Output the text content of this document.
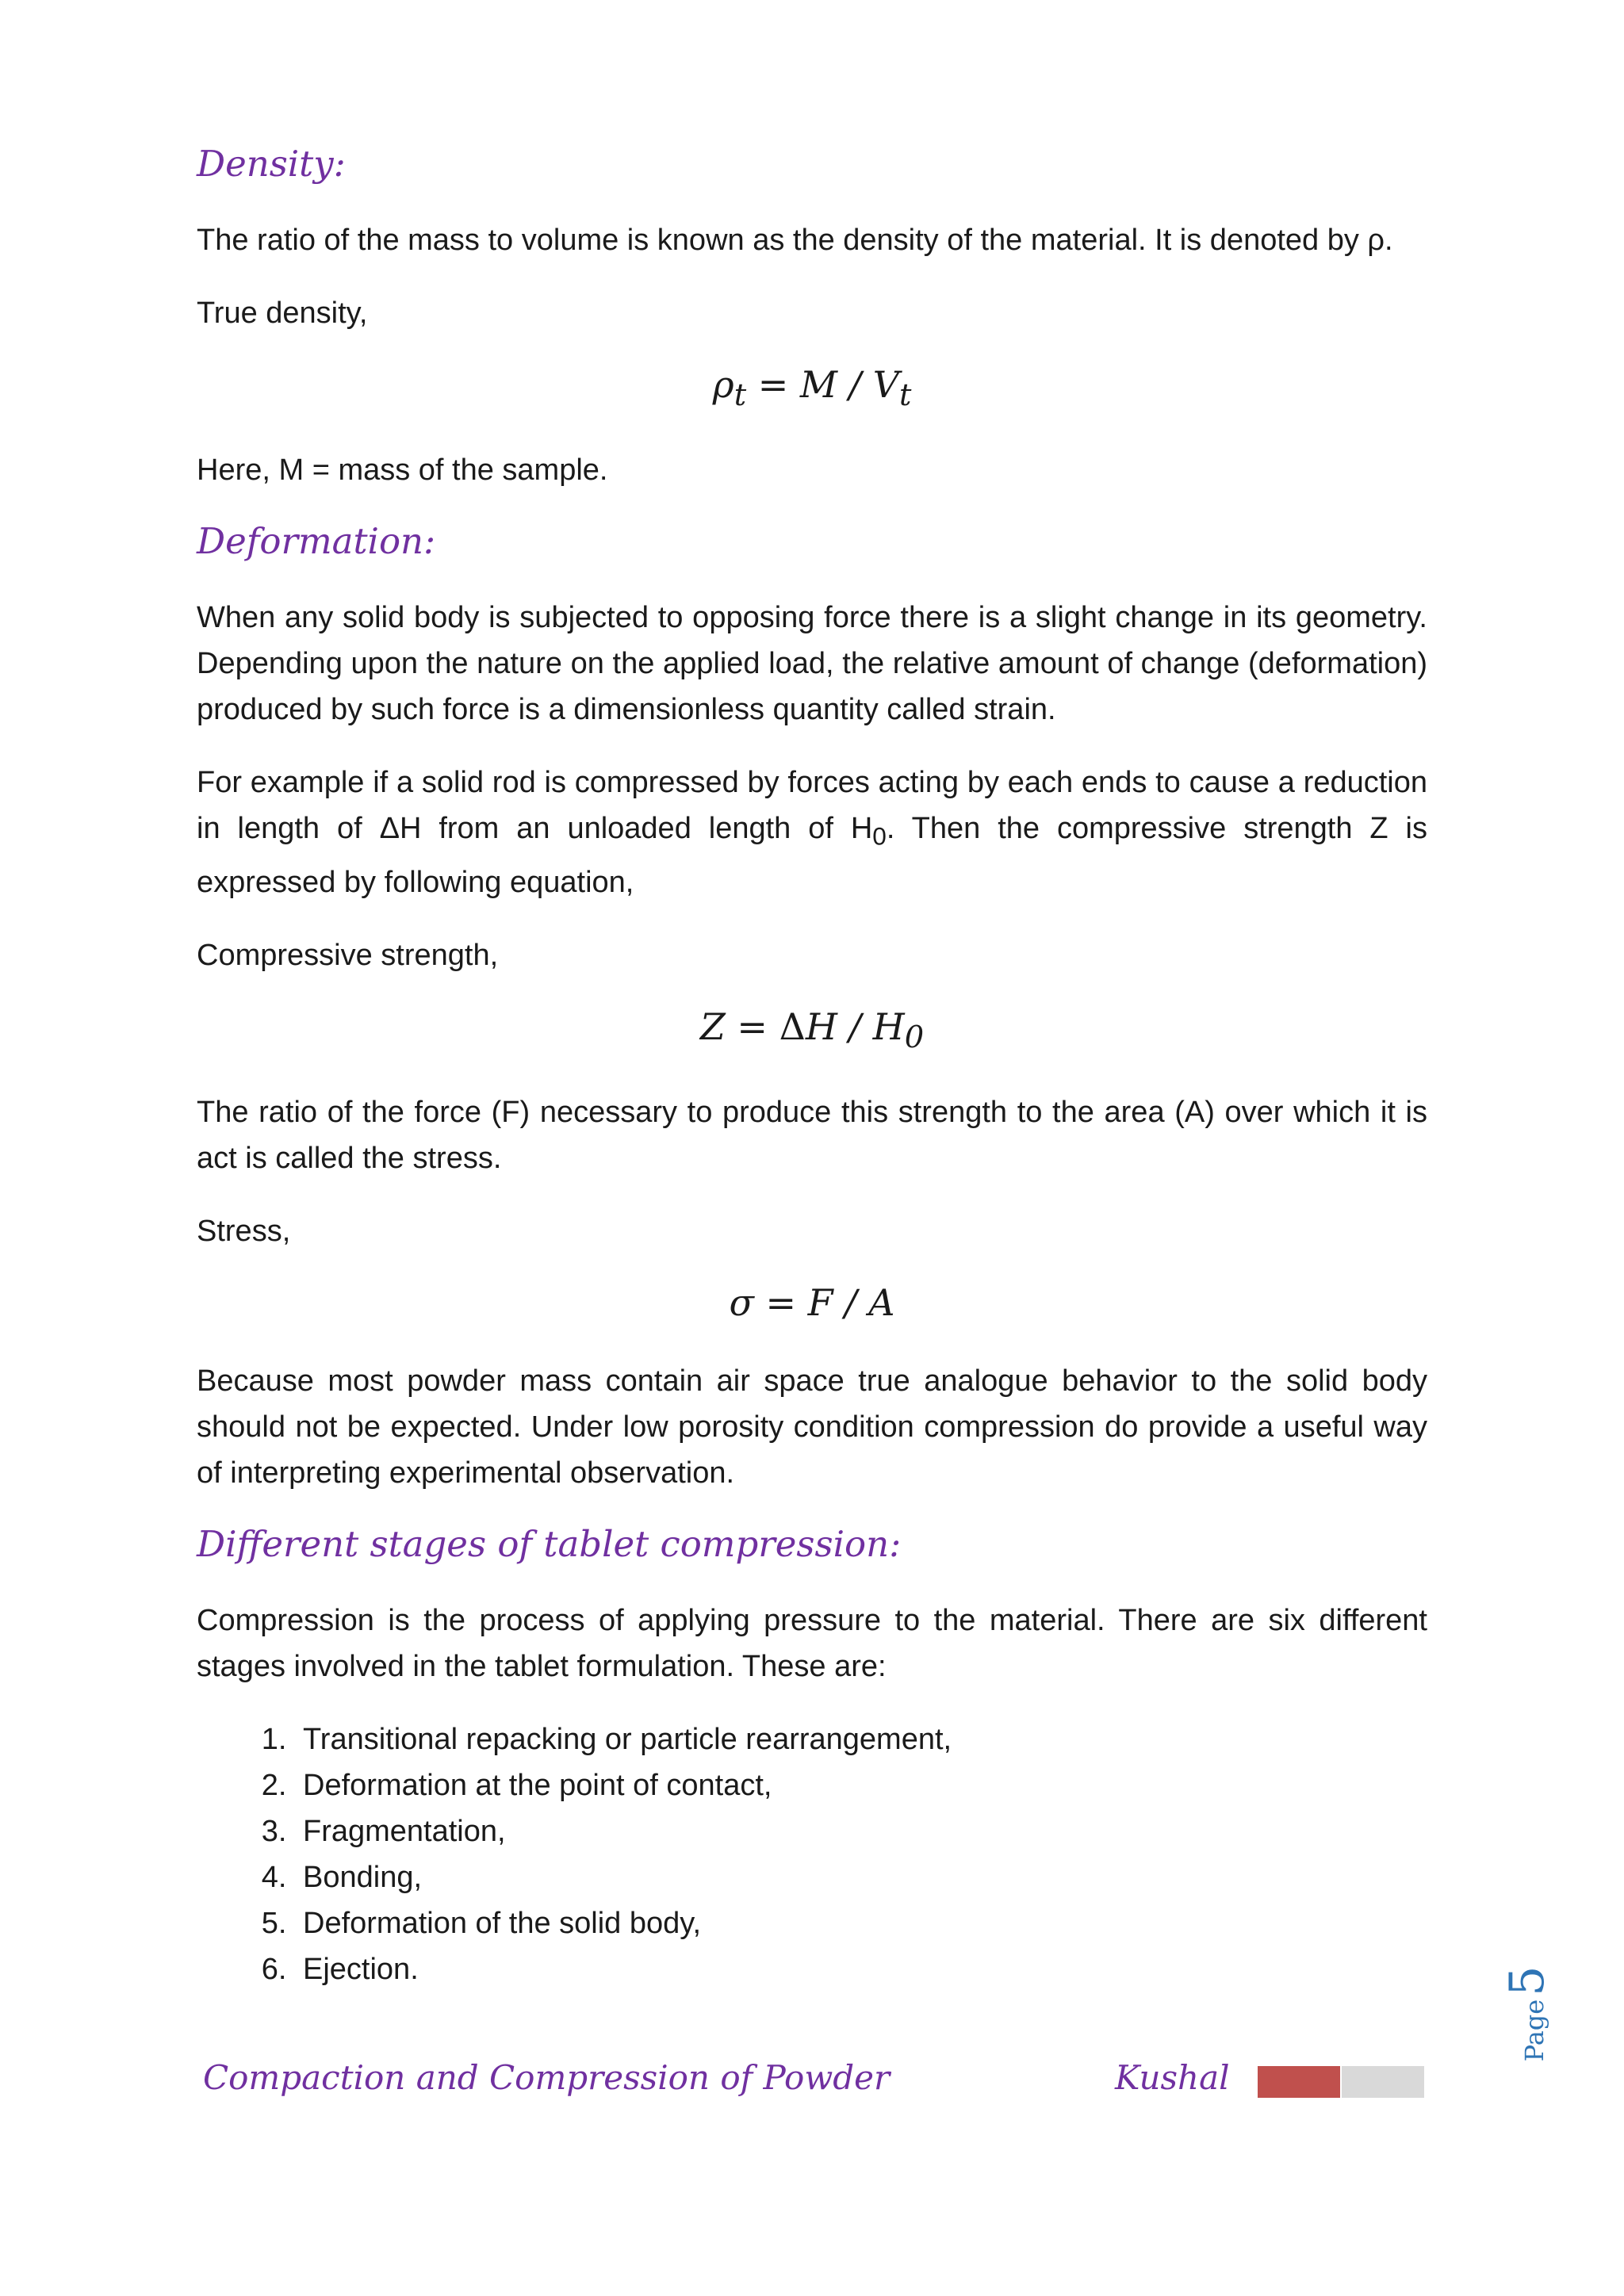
Density:

The ratio of the mass to volume is known as the density of the material. It is denoted by ρ.

True density,

$\rho_t = M / V_t$

Here, M = mass of the sample.

Deformation:

When any solid body is subjected to opposing force there is a slight change in its geometry. Depending upon the nature on the applied load, the relative amount of change (deformation) produced by such force is a dimensionless quantity called strain.

For example if a solid rod is compressed by forces acting by each ends to cause a reduction in length of ΔH from an unloaded length of $H_0$. Then the compressive strength Z is expressed by following equation,

Compressive strength,

$Z = \Delta H / H_0$

The ratio of the force (F) necessary to produce this strength to the area (A) over which it is act is called the stress.

Stress,

σ = F / A

Because most powder mass contain air space true analogue behavior to the solid body should not be expected. Under low porosity condition compression do provide a useful way of interpreting experimental observation.

Different stages of tablet compression:

Compression is the process of applying pressure to the material. There are six different stages involved in the tablet formulation. These are:

1. Transitional repacking or particle rearrangement,
2. Deformation at the point of contact,
3. Fragmentation,
4. Bonding,
5. Deformation of the solid body,
6. Ejection.
Page5
Compaction and Compression of Powder	Kushal
